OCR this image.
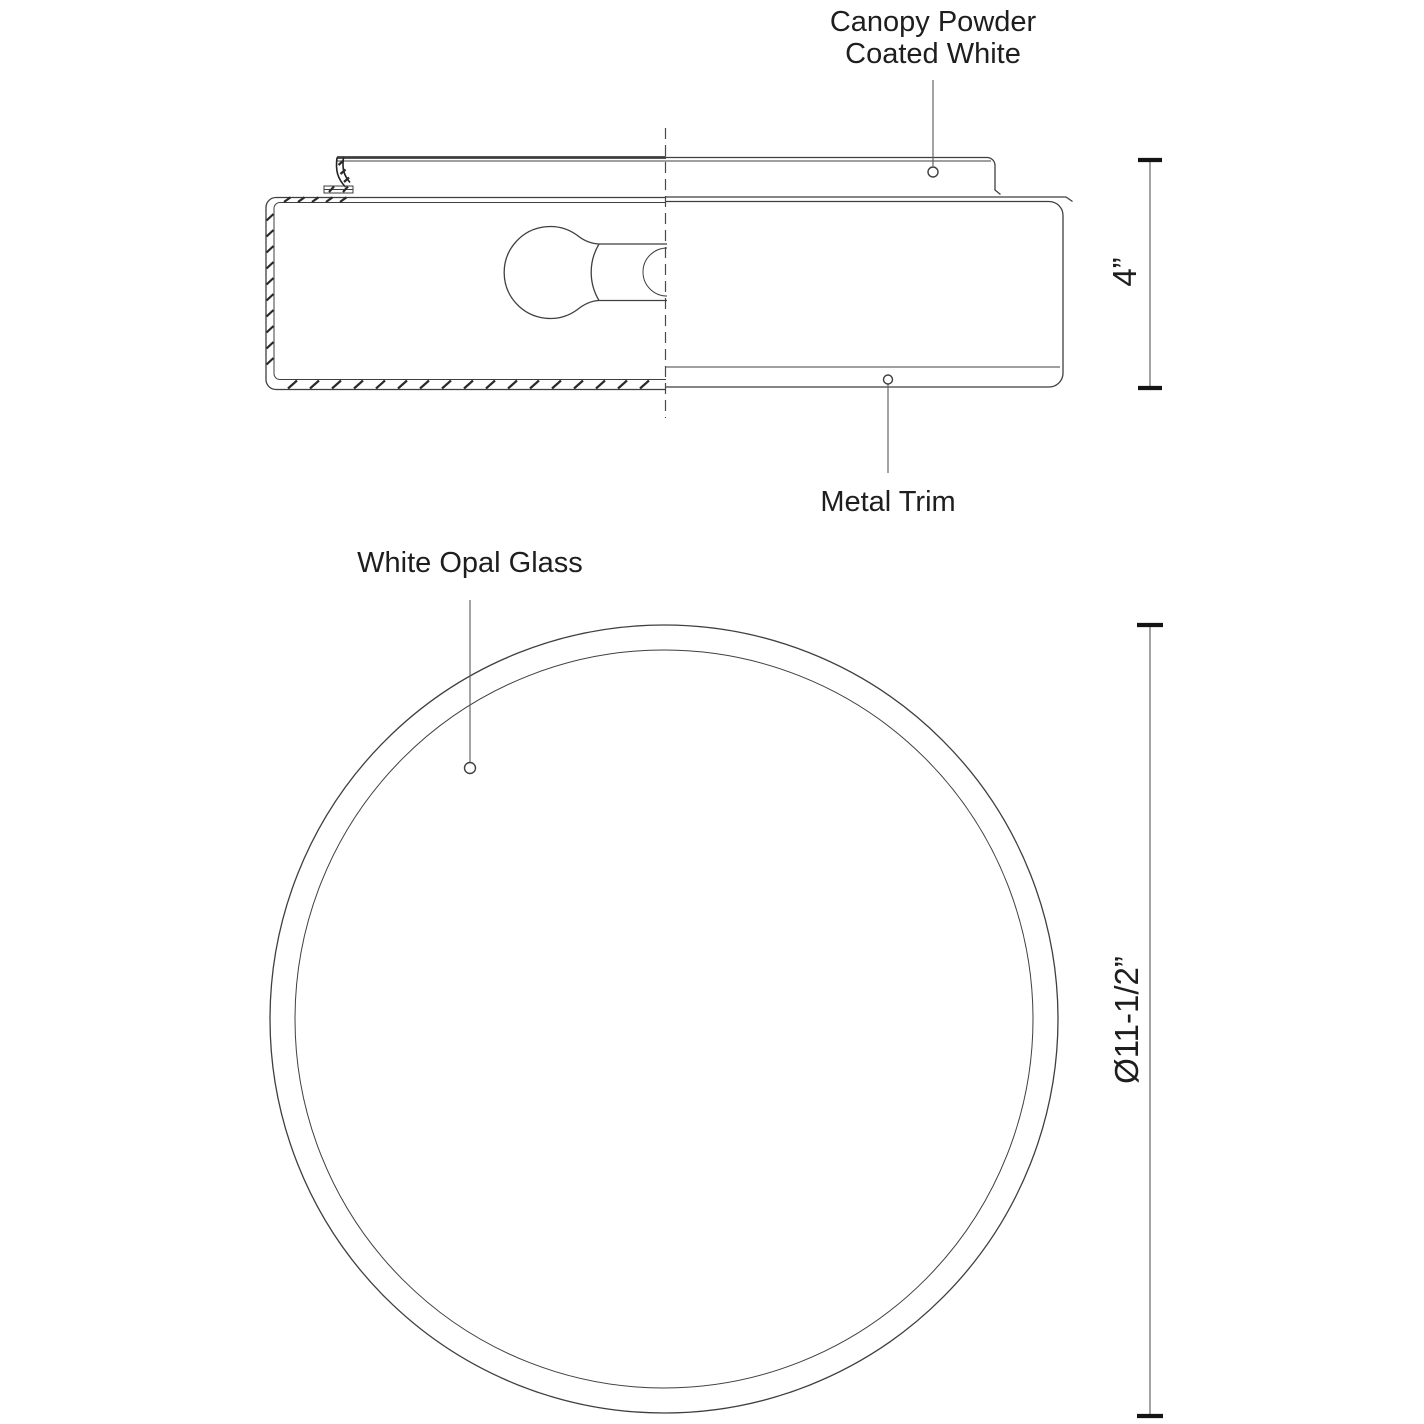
4”
Ø11-1/2”
Canopy Powder
Coated White
Metal Trim
White Opal Glass
